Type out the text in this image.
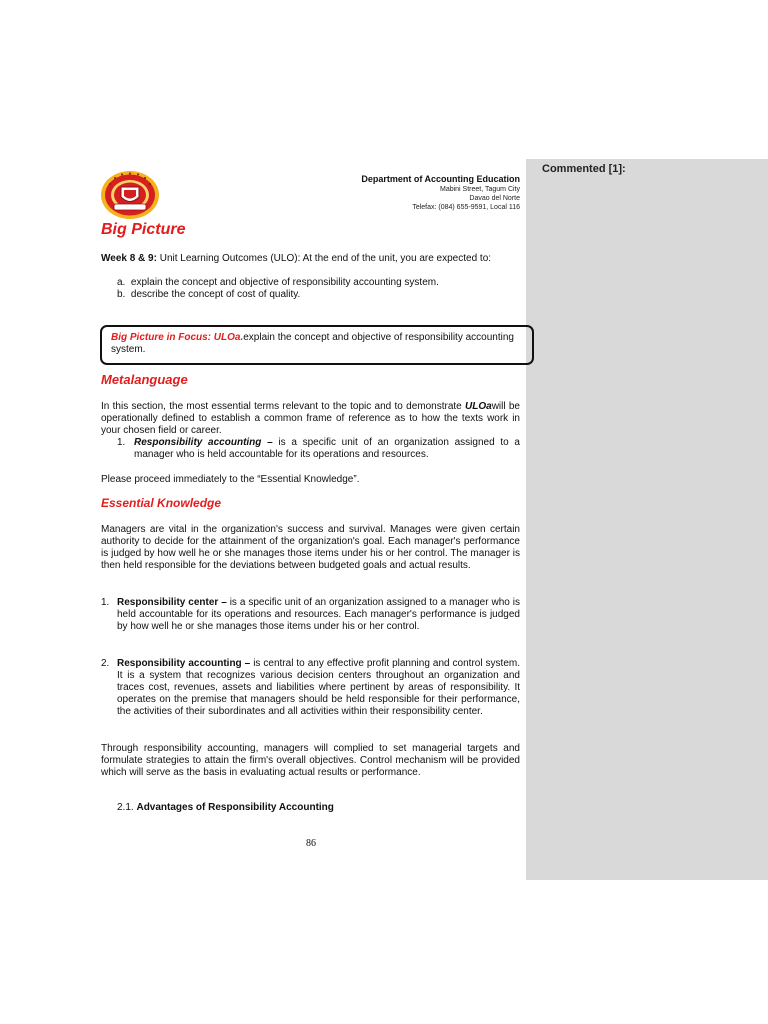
Commented [1]:
Department of Accounting Education
Mabini Street, Tagum City
Davao del Norte
Telefax: (084) 655-9591, Local 116
Big Picture
Week 8 & 9: Unit Learning Outcomes (ULO): At the end of the unit, you are expected to:
a. explain the concept and objective of responsibility accounting system.
b. describe the concept of cost of quality.
Big Picture in Focus: ULOa.explain the concept and objective of responsibility accounting system.
Metalanguage
In this section, the most essential terms relevant to the topic and to demonstrate ULOawill be operationally defined to establish a common frame of reference as to how the texts work in your chosen field or career.
1. Responsibility accounting – is a specific unit of an organization assigned to a manager who is held accountable for its operations and resources.
Please proceed immediately to the “Essential Knowledge”.
Essential Knowledge
Managers are vital in the organization's success and survival. Manages were given certain authority to decide for the attainment of the organization's goal. Each manager's performance is judged by how well he or she manages those items under his or her control. The manager is then held responsible for the deviations between budgeted goals and actual results.
1. Responsibility center – is a specific unit of an organization assigned to a manager who is held accountable for its operations and resources. Each manager's performance is judged by how well he or she manages those items under his or her control.
2. Responsibility accounting – is central to any effective profit planning and control system. It is a system that recognizes various decision centers throughout an organization and traces cost, revenues, assets and liabilities where pertinent by areas of responsibility. It operates on the premise that managers should be held responsible for their performance, the activities of their subordinates and all activities within their responsibility center.
Through responsibility accounting, managers will complied to set managerial targets and formulate strategies to attain the firm's overall objectives. Control mechanism will be provided which will serve as the basis in evaluating actual results or performance.
2.1. Advantages of Responsibility Accounting
86
